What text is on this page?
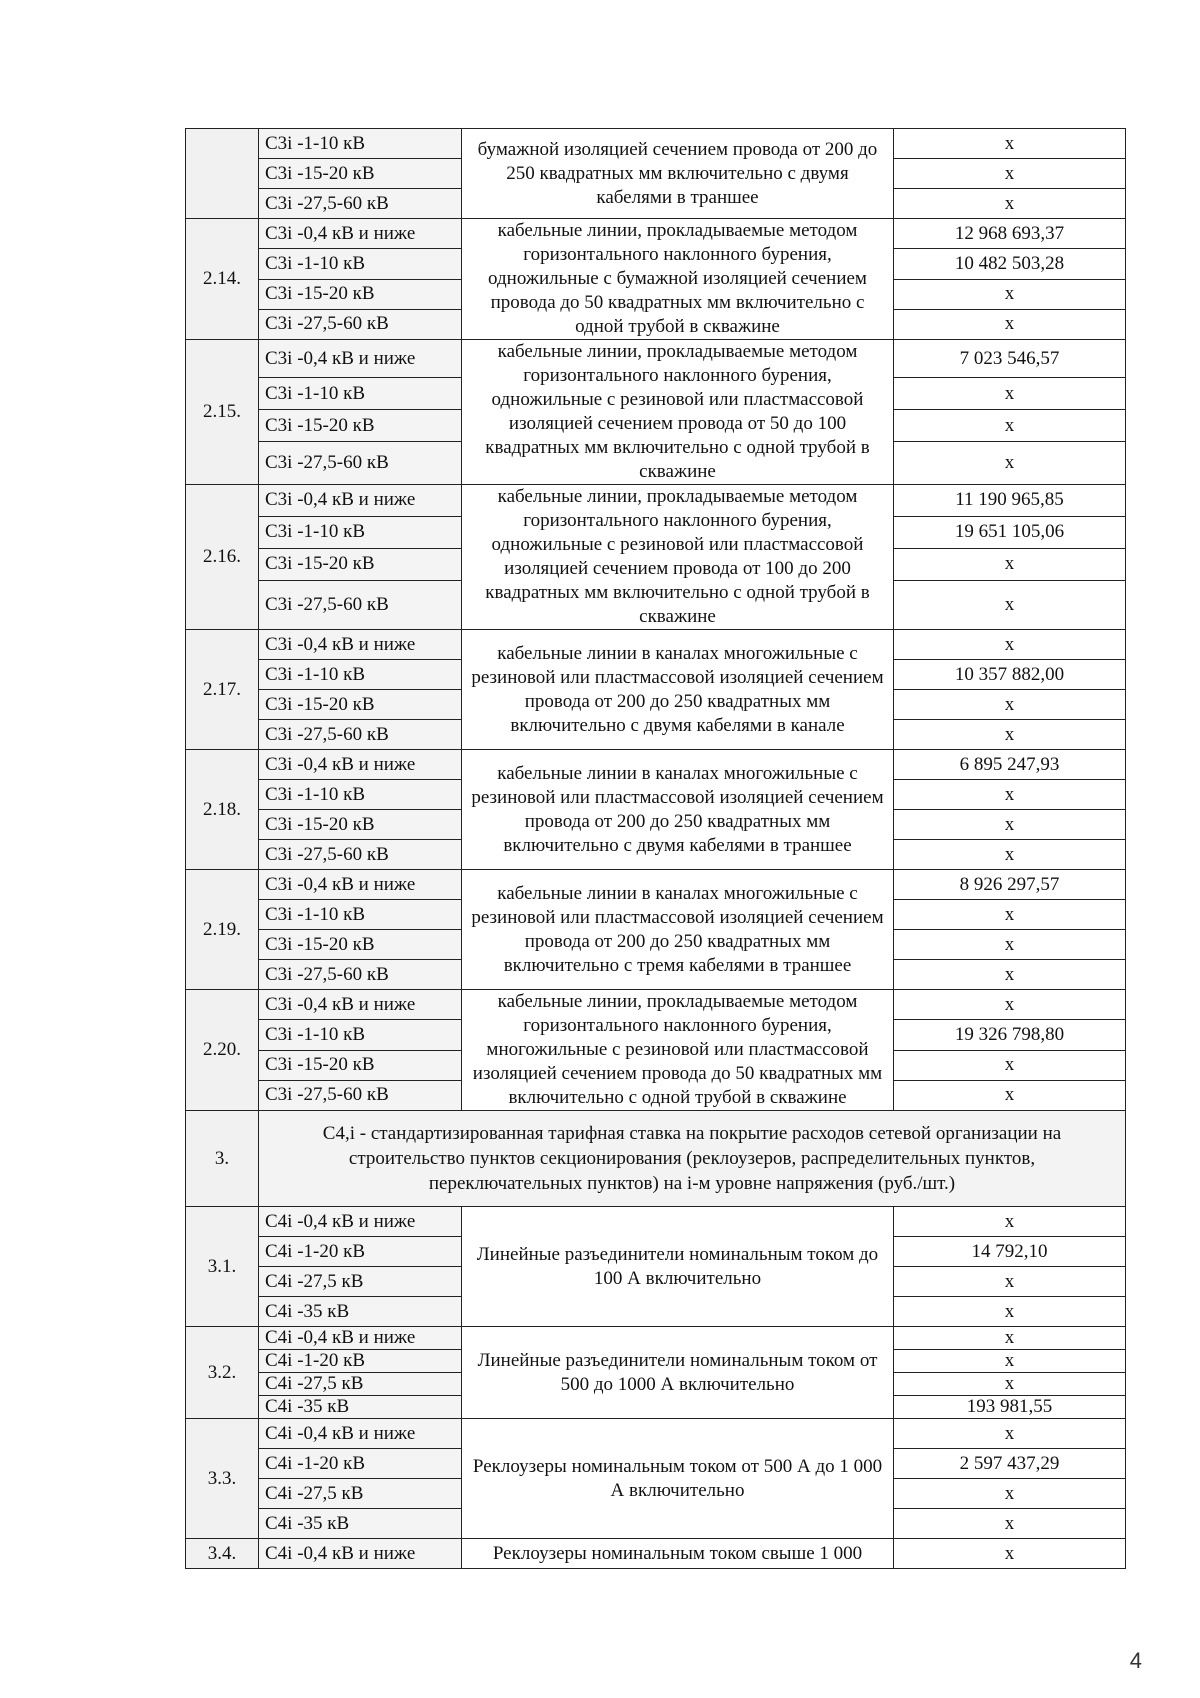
	C3i -1-10 кВ	бумажной изоляцией сечением провода от 200 до 250 квадратных мм включительно с двумя кабелями в траншее	x
	C3i -15-20 кВ		x
	C3i -27,5-60 кВ		x
2.14.	C3i -0,4 кВ и ниже	кабельные линии, прокладываемые методом горизонтального наклонного бурения, одножильные с бумажной изоляцией сечением провода до 50 квадратных мм включительно с одной трубой в скважине	12 968 693,37
	C3i -1-10 кВ		10 482 503,28
	C3i -15-20 кВ		x
	C3i -27,5-60 кВ		x
2.15.	C3i -0,4 кВ и ниже	кабельные линии, прокладываемые методом горизонтального наклонного бурения, одножильные с резиновой или пластмассовой изоляцией сечением провода от 50 до 100 квадратных мм включительно с одной трубой в скважине	7 023 546,57
	C3i -1-10 кВ		x
	C3i -15-20 кВ		x
	C3i -27,5-60 кВ		x
2.16.	C3i -0,4 кВ и ниже	кабельные линии, прокладываемые методом горизонтального наклонного бурения, одножильные с резиновой или пластмассовой изоляцией сечением провода от 100 до 200 квадратных мм включительно с одной трубой в скважине	11 190 965,85
	C3i -1-10 кВ		19 651 105,06
	C3i -15-20 кВ		x
	C3i -27,5-60 кВ		x
2.17.	C3i -0,4 кВ и ниже	кабельные линии в каналах многожильные с резиновой или пластмассовой изоляцией сечением провода от 200 до 250 квадратных мм включительно с двумя кабелями в канале	x
	C3i -1-10 кВ		10 357 882,00
	C3i -15-20 кВ		x
	C3i -27,5-60 кВ		x
2.18.	C3i -0,4 кВ и ниже	кабельные линии в каналах многожильные с резиновой или пластмассовой изоляцией сечением провода от 200 до 250 квадратных мм включительно с двумя кабелями в траншее	6 895 247,93
	C3i -1-10 кВ		x
	C3i -15-20 кВ		x
	C3i -27,5-60 кВ		x
2.19.	C3i -0,4 кВ и ниже	кабельные линии в каналах многожильные с резиновой или пластмассовой изоляцией сечением провода от 200 до 250 квадратных мм включительно с тремя кабелями в траншее	8 926 297,57
	C3i -1-10 кВ		x
	C3i -15-20 кВ		x
	C3i -27,5-60 кВ		x
2.20.	C3i -0,4 кВ и ниже	кабельные линии, прокладываемые методом горизонтального наклонного бурения, многожильные с резиновой или пластмассовой изоляцией сечением провода до 50 квадратных мм включительно с одной трубой в скважине	x
	C3i -1-10 кВ		19 326 798,80
	C3i -15-20 кВ		x
	C3i -27,5-60 кВ		x
3.	C4,i - стандартизированная тарифная ставка на покрытие расходов сетевой организации на строительство пунктов секционирования (реклоузеров, распределительных пунктов, переключательных пунктов) на i-м уровне напряжения (руб./шт.)		
3.1.	C4i -0,4 кВ и ниже	Линейные разъединители номинальным током до 100 А включительно	x
	C4i -1-20 кВ		14 792,10
	C4i -27,5 кВ		x
	C4i -35 кВ		x
3.2.	C4i -0,4 кВ и ниже	Линейные разъединители номинальным током от 500 до 1000 А включительно	x
	C4i -1-20 кВ		x
	C4i -27,5 кВ		x
	C4i -35 кВ		193 981,55
3.3.	C4i -0,4 кВ и ниже	Реклоузеры номинальным током от 500 А до 1 000 А включительно	x
	C4i -1-20 кВ		2 597 437,29
	C4i -27,5 кВ		x
	C4i -35 кВ		x
3.4.	C4i -0,4 кВ и ниже	Реклоузеры номинальным током свыше 1 000	x
4
